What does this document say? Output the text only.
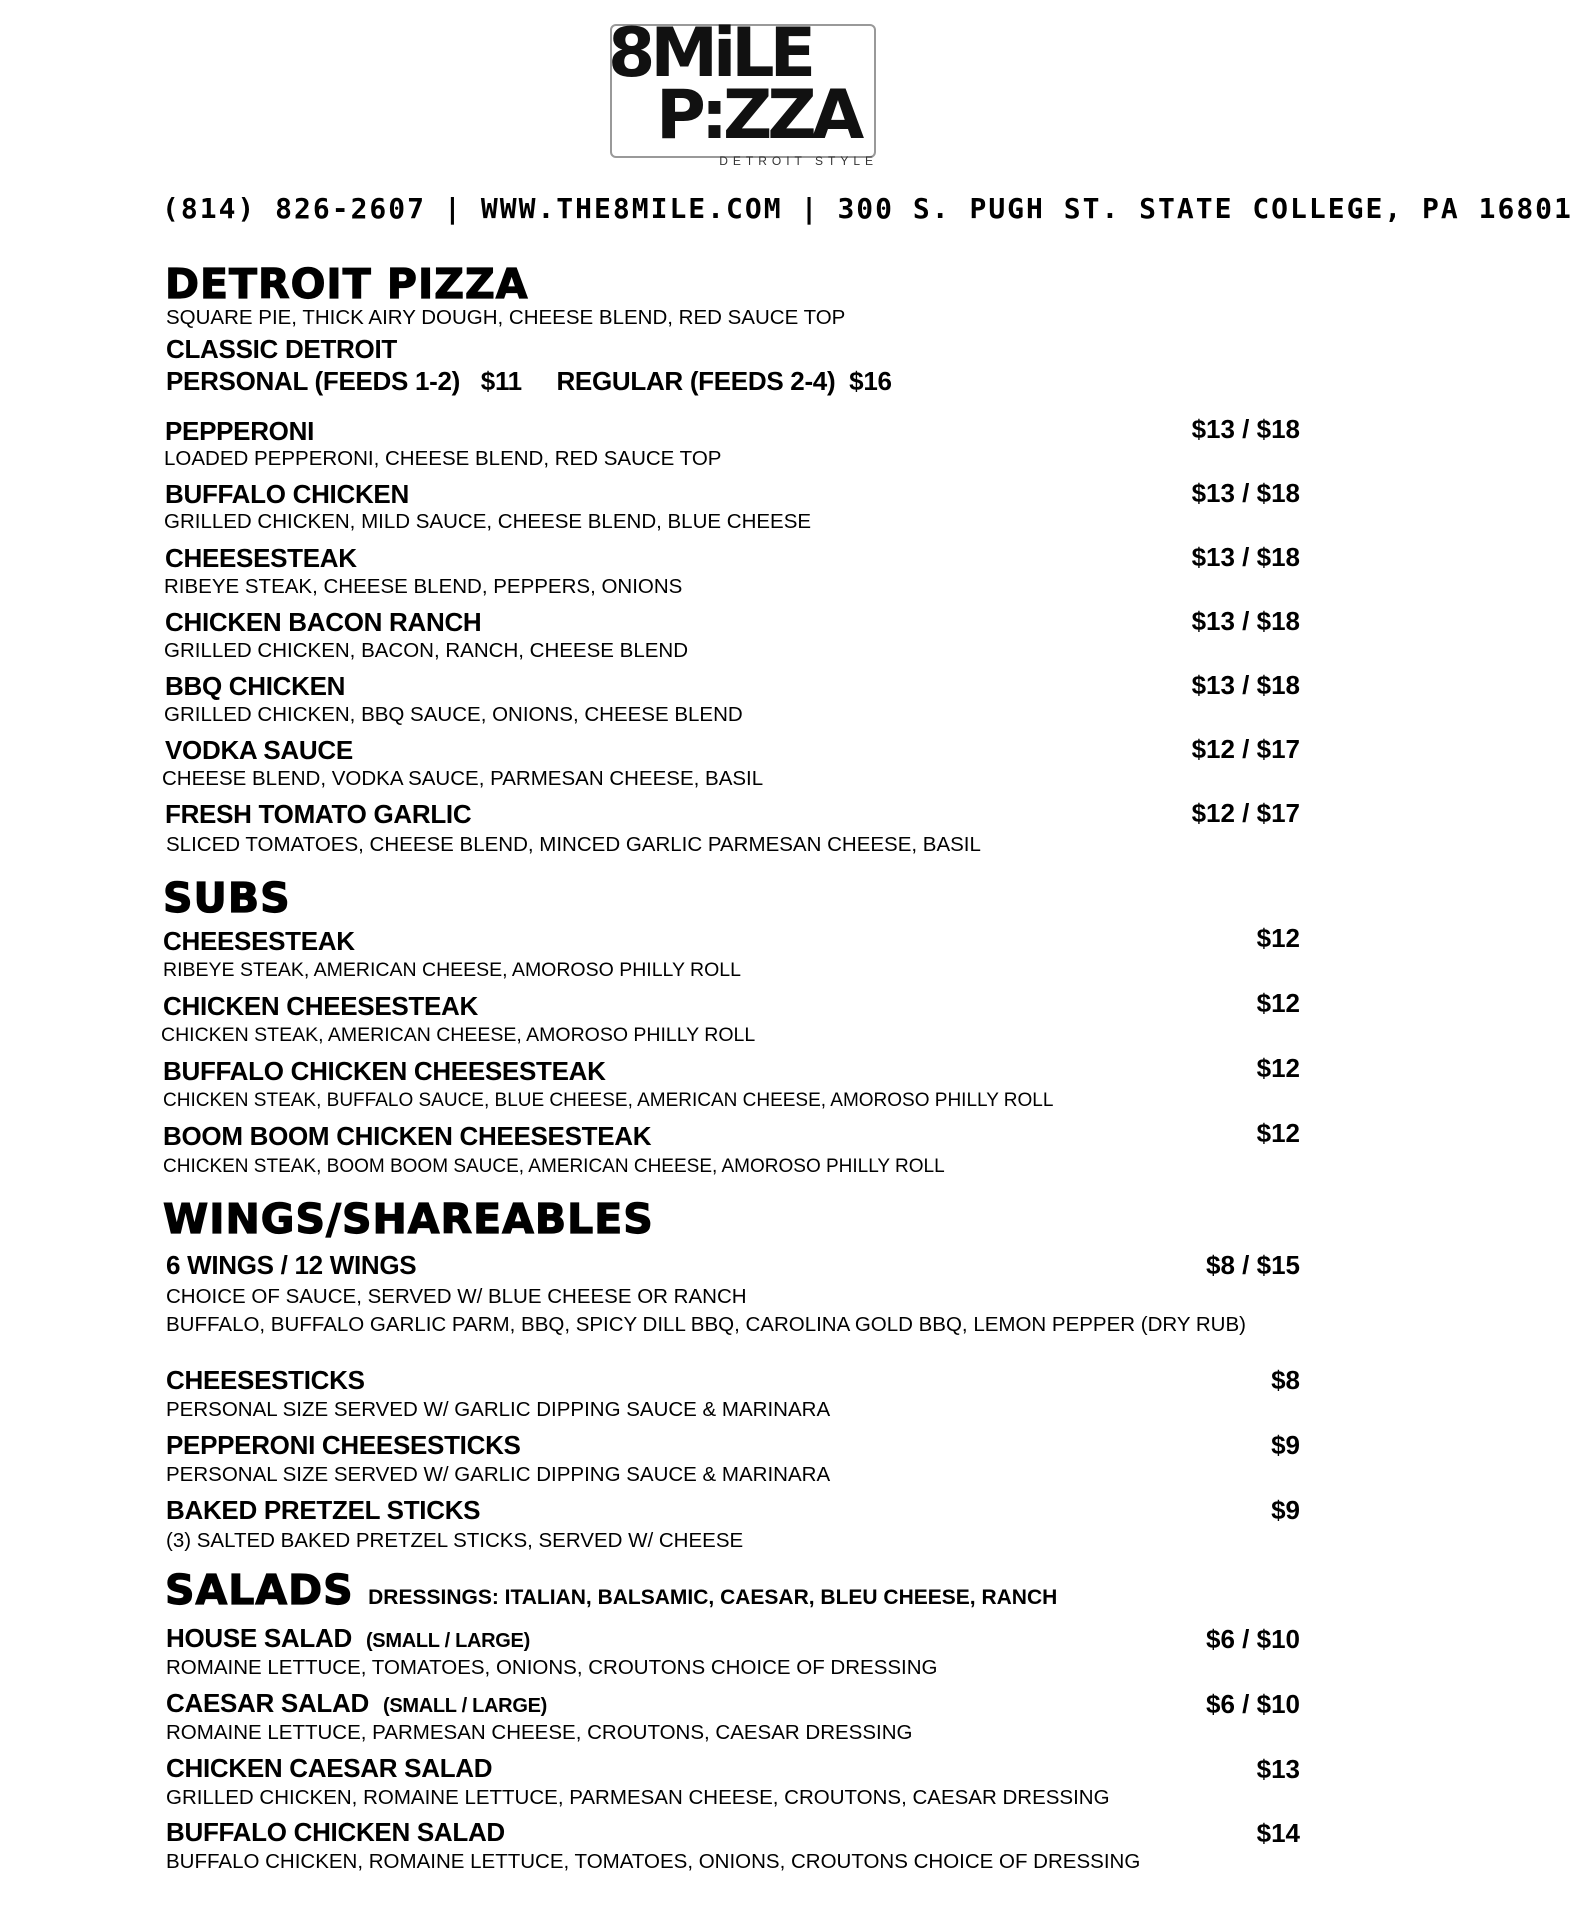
8MiLE
P:ZZA
DETROIT STYLE
(814) 826-2607 | WWW.THE8MILE.COM | 300 S. PUGH ST. STATE COLLEGE, PA 16801
DETROIT PIZZA
SQUARE PIE, THICK AIRY DOUGH, CHEESE BLEND, RED SAUCE TOP
CLASSIC DETROIT
PERSONAL (FEEDS 1-2)   $11     REGULAR (FEEDS 2-4)  $16
PEPPERONI	$13 / $18
LOADED PEPPERONI, CHEESE BLEND, RED SAUCE TOP
BUFFALO CHICKEN	$13 / $18
GRILLED CHICKEN, MILD SAUCE, CHEESE BLEND, BLUE CHEESE
CHEESESTEAK	$13 / $18
RIBEYE STEAK, CHEESE BLEND, PEPPERS, ONIONS
CHICKEN BACON RANCH	$13 / $18
GRILLED CHICKEN, BACON, RANCH, CHEESE BLEND
BBQ CHICKEN	$13 / $18
GRILLED CHICKEN, BBQ SAUCE, ONIONS, CHEESE BLEND
VODKA SAUCE	$12 / $17
CHEESE BLEND, VODKA SAUCE, PARMESAN CHEESE, BASIL
FRESH TOMATO GARLIC	$12 / $17
SLICED TOMATOES, CHEESE BLEND, MINCED GARLIC PARMESAN CHEESE, BASIL
SUBS
CHEESESTEAK	$12
RIBEYE STEAK, AMERICAN CHEESE, AMOROSO PHILLY ROLL
CHICKEN CHEESESTEAK	$12
CHICKEN STEAK, AMERICAN CHEESE, AMOROSO PHILLY ROLL
BUFFALO CHICKEN CHEESESTEAK	$12
CHICKEN STEAK, BUFFALO SAUCE, BLUE CHEESE, AMERICAN CHEESE, AMOROSO PHILLY ROLL
BOOM BOOM CHICKEN CHEESESTEAK	$12
CHICKEN STEAK, BOOM BOOM SAUCE, AMERICAN CHEESE, AMOROSO PHILLY ROLL
WINGS/SHAREABLES
6 WINGS / 12 WINGS	$8 / $15
CHOICE OF SAUCE, SERVED W/ BLUE CHEESE OR RANCH
BUFFALO, BUFFALO GARLIC PARM, BBQ, SPICY DILL BBQ, CAROLINA GOLD BBQ, LEMON PEPPER (DRY RUB)
CHEESESTICKS	$8
PERSONAL SIZE SERVED W/ GARLIC DIPPING SAUCE & MARINARA
PEPPERONI CHEESESTICKS	$9
PERSONAL SIZE SERVED W/ GARLIC DIPPING SAUCE & MARINARA
BAKED PRETZEL STICKS	$9
(3) SALTED BAKED PRETZEL STICKS, SERVED W/ CHEESE
SALADS DRESSINGS: ITALIAN, BALSAMIC, CAESAR, BLEU CHEESE, RANCH
HOUSE SALAD (SMALL / LARGE)	$6 / $10
ROMAINE LETTUCE, TOMATOES, ONIONS, CROUTONS CHOICE OF DRESSING
CAESAR SALAD (SMALL / LARGE)	$6 / $10
ROMAINE LETTUCE, PARMESAN CHEESE, CROUTONS, CAESAR DRESSING
CHICKEN CAESAR SALAD	$13
GRILLED CHICKEN, ROMAINE LETTUCE, PARMESAN CHEESE, CROUTONS, CAESAR DRESSING
BUFFALO CHICKEN SALAD	$14
BUFFALO CHICKEN, ROMAINE LETTUCE, TOMATOES, ONIONS, CROUTONS CHOICE OF DRESSING
